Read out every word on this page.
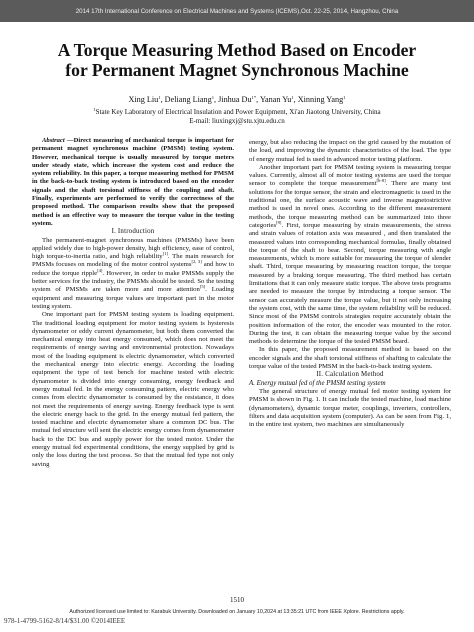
2014 17th International Conference on Electrical Machines and Systems (ICEMS),Oct. 22-25, 2014, Hangzhou, China
A Torque Measuring Method Based on Encoder
for Permanent Magnet Synchronous Machine
Xing Liu$^1$, Deliang Liang$^1$, Jinhua $Du^{1*}$, Yanan Yu$^1$, Xinning Yang$^1$
$^1$State Key Laboratory of Electrical Insulation and Power Equipment, Xi'an Jiaotong University, China
E-mail: liuxingxj@stu.xjtu.edu.cn

Abstract —Direct measuring of mechanical torque is important for permanent magnet synchronous machine (PMSM) testing system. However, mechanical torque is usually measured by torque meters under steady state, which increase the system cost and reduce the system reliability. In this paper, a torque measuring method for PMSM in the back-to-back testing system is introduced based on the encoder signals and the shaft torsional stiffness of the coupling and shaft. Finally, experiments are performed to verify the correctness of the proposed method. The comparison results show that the proposed method is an effective way to measure the torque value in the testing system.

I. Introduction

The permanent-magnet synchronous machines (PMSMs) have been applied widely due to high-power density, high efficiency, ease of control, high torque-to-inertia ratio, and high reliability[1]. The main research for PMSMs focuses on modeling of the motor control systems[2, 3] and how to reduce the torque ripple[4]. However, in order to make PMSMs supply the better services for the industry, the PMSMs should be tested. So the testing system of PMSMs are taken more and more attention[5]. Loading equipment and measuring torque values are important part in the motor testing system.

One important part for PMSM testing system is loading equipment. The traditional loading equipment for motor testing system is hysteresis dynamometer or eddy current dynamometer, but both them converted the mechanical energy into heat energy consumed, which does not meet the requirements of energy saving and environmental protection. Nowadays most of the loading equipment is electric dynamometer, which converted the mechanical energy into electric energy. According the loading equipment the type of test bench for machine tested with electric dynamometer is divided into energy consuming, energy feedback and energy mutual fed. In the energy consuming pattern, electric energy who comes from electric dynamometer is consumed by the resistance, it does not meet the requirements of energy saving. Energy feedback type is sent the electric energy back to the grid. In the energy mutual fed pattern, the tested machine and electric dynamometer share a common DC bus. The mutual fed structure will sent the electric energy comes from dynamometer back to the DC bus and supply power for the tested motor. Under the energy mutual fed experimental conditions, the energy supplied by grid is only the loss during the test process. So that the mutual fed type not only saving

energy, but also reducing the impact on the grid caused by the mutation of the load, and improving the dynamic characteristics of the load. The type of energy mutual fed is used in advanced motor testing platform.

Another important part for PMSM testing system is measuring torque values. Currently, almost all of motor testing systems are used the torque sensor to complete the torque measurement[6-8]. There are many test solutions for the torque sensor, the strain and electromagnetic is used in the traditional one, the surface acoustic wave and inverse magnetostrictive method is used in novel ones. According to the different measurement methods, the torque measuring method can be summarized into three categories[9]. First, torque measuring by strain measurements, the stress and strain values of rotation axis was measured , and then translated the measured values into corresponding mechanical formulas, finally obtained the torque of the shaft to bear. Second, torque measuring with angle measurements, which is more suitable for measuring the torque of slender shaft. Third, torque measuring by measuring reaction torque, the torque measured by a braking torque measuring. The third method has certain limitations that it can only measure static torque. The above tests programs are needed to measure the torque by introducing a torque sensor. The sensor can accurately measure the torque value, but it not only increasing the system cost, with the same time, the system reliability will be reduced. Since most of the PMSM controls strategies require accurately obtain the position information of the rotor, the encoder was mounted to the rotor. During the test, it can obtain the measuring torque value by the second methods to determine the torque of the tested PMSM beard.

In this paper, the proposed measurement method is based on the encoder signals and the shaft torsional stiffness of shafting to calculate the torque value of the tested PMSM in the back-to-back testing system.

II. Calculation Method

A. Energy mutual fed of the PMSM testing system

The general structure of energy mutual fed motor testing system for PMSM is shown in Fig. 1. It can include the tested machine, load machine (dynamometers), dynamic torque meter, couplings, inverters, controllers, filters and data acquisition system (computer). As can be seen from Fig. 1, in the entire test system, two machines are simultaneously

1510
Authorized licensed use limited to: Karabuk University. Downloaded on January 10,2024 at 13:35:21 UTC from IEEE Xplore. Restrictions apply.
978-1-4799-5162-8/14/$31.00 ©2014IEEE
